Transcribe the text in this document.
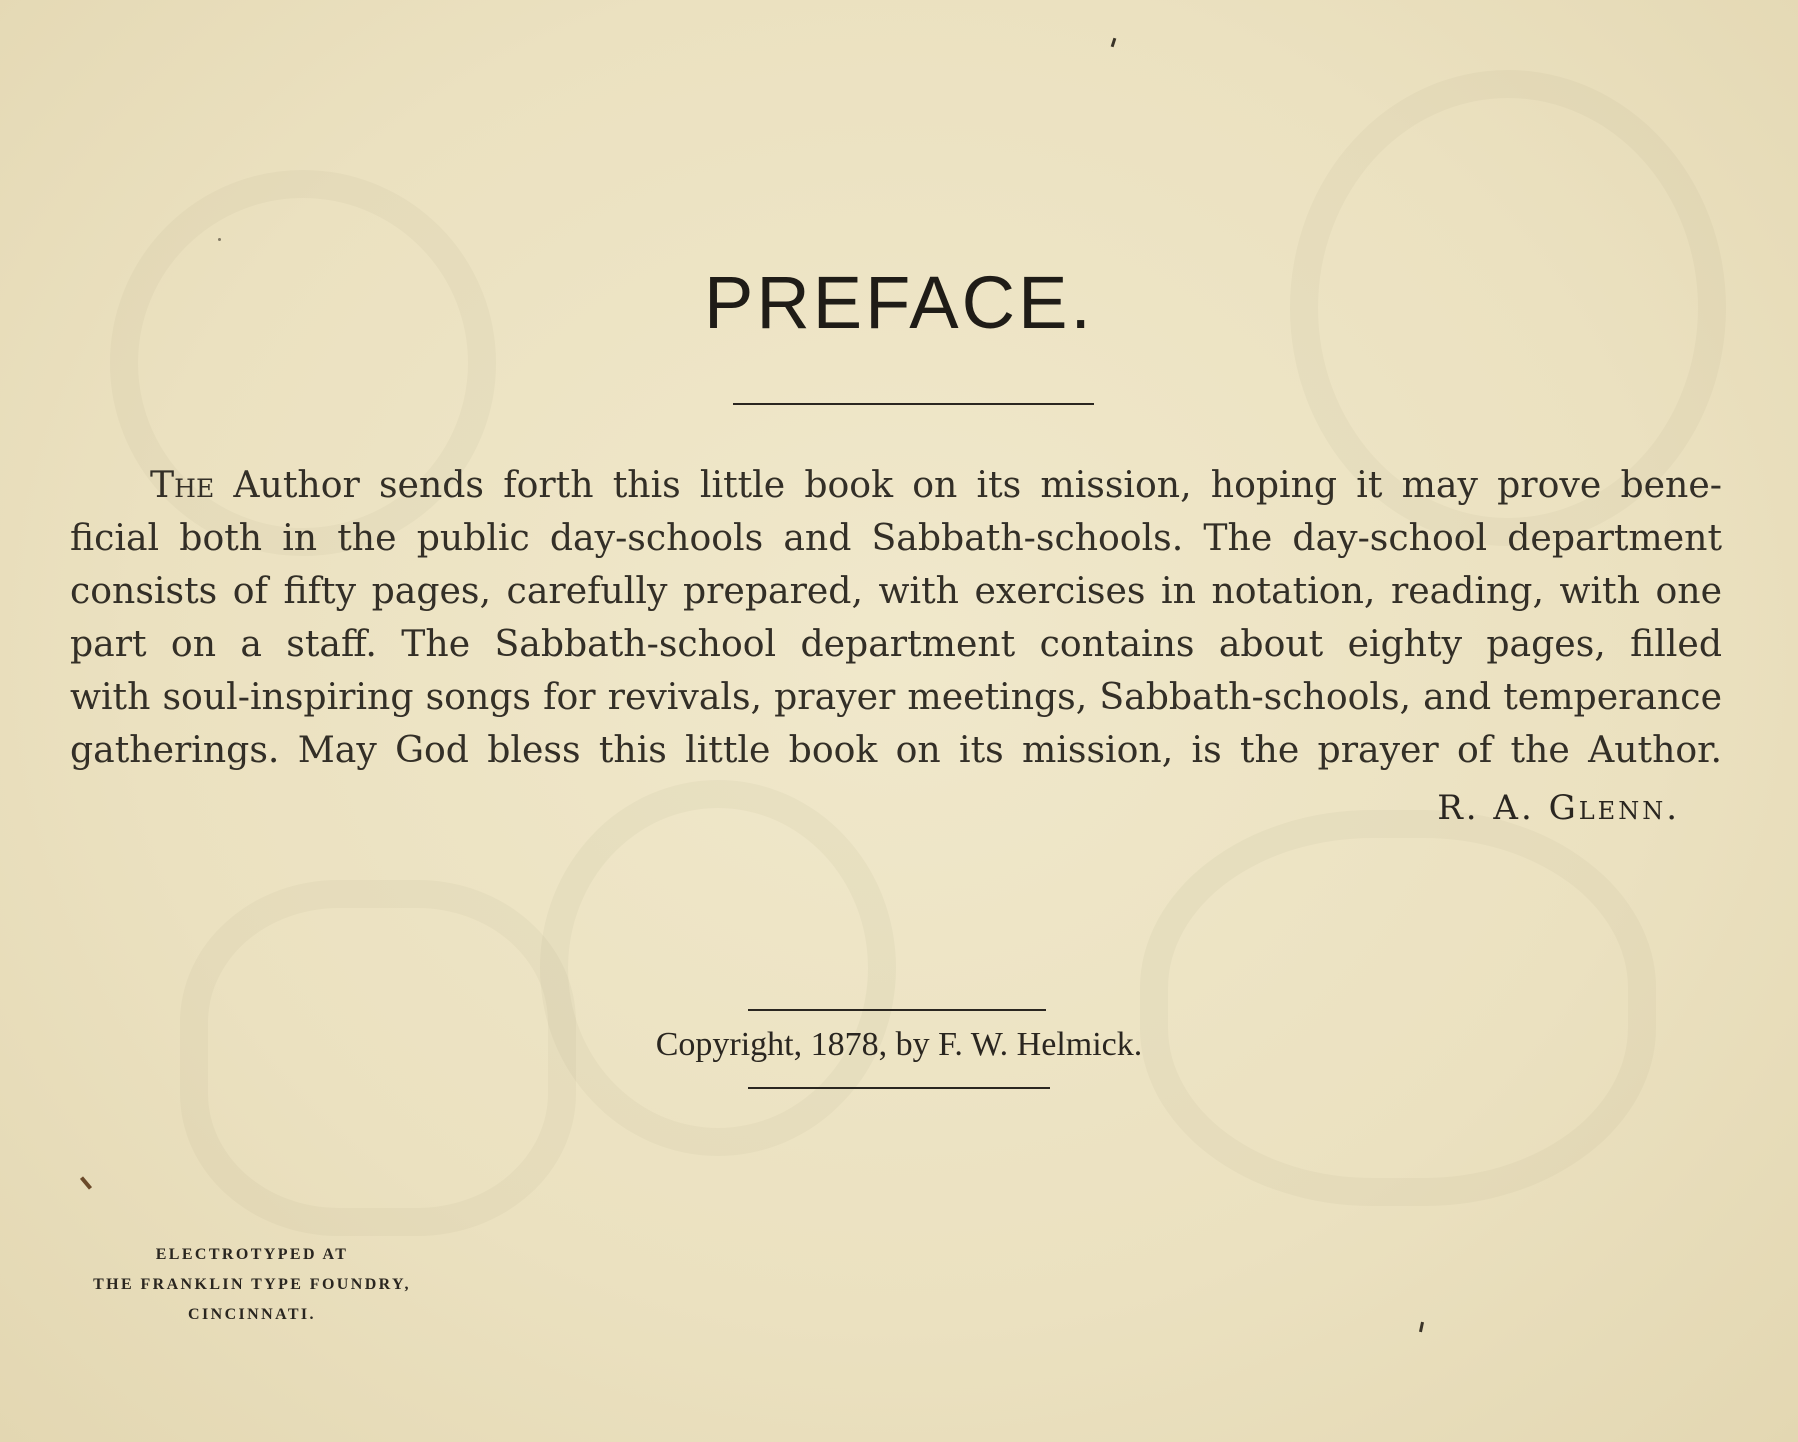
PREFACE.
The Author sends forth this little book on its mission, hoping it may prove bene-
ficial both in the public day-schools and Sabbath-schools. The day-school department
consists of fifty pages, carefully prepared, with exercises in notation, reading, with one
part on a staff. The Sabbath-school department contains about eighty pages, filled
with soul-inspiring songs for revivals, prayer meetings, Sabbath-schools, and temperance
gatherings. May God bless this little book on its mission, is the prayer of the Author.
R. A. Glenn.
Copyright, 1878, by F. W. Helmick.
ELECTROTYPED AT
THE FRANKLIN TYPE FOUNDRY,
CINCINNATI.
